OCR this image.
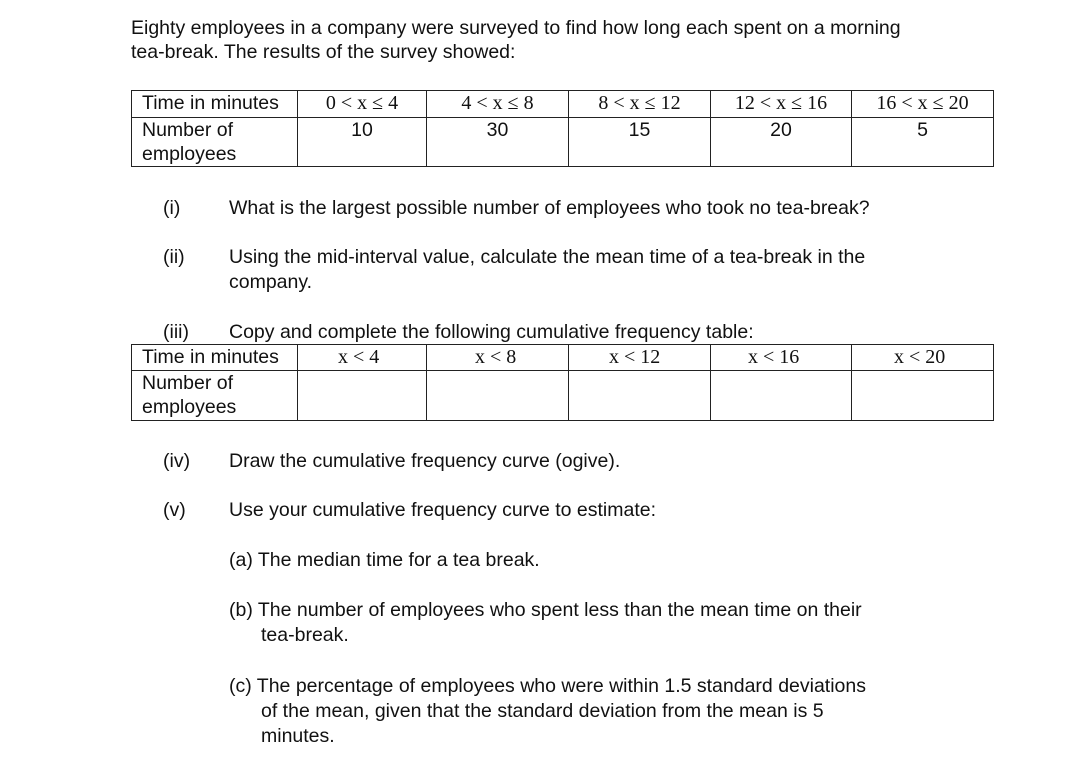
Eighty employees in a company were surveyed to find how long each spent on a morning
tea-break. The results of the survey showed:
Time in minutes	0 < x ≤ 4	4 < x ≤ 8	8 < x ≤ 12	12 < x ≤ 16	16 < x ≤ 20

Number of
employees	10	30	15	20	5
(i) What is the largest possible number of employees who took no tea-break?
(ii) Using the mid-interval value, calculate the mean time of a tea-break in the
company.
(iii) Copy and complete the following cumulative frequency table:
Time in minutes	x < 4	x < 8	x < 12	x < 16	x < 20

Number of
employees					

(iv) Draw the cumulative frequency curve (ogive).
(v) Use your cumulative frequency curve to estimate:
(a) The median time for a tea break.
(b) The number of employees who spent less than the mean time on their
tea-break.
(c) The percentage of employees who were within 1.5 standard deviations
of the mean, given that the standard deviation from the mean is 5
minutes.
